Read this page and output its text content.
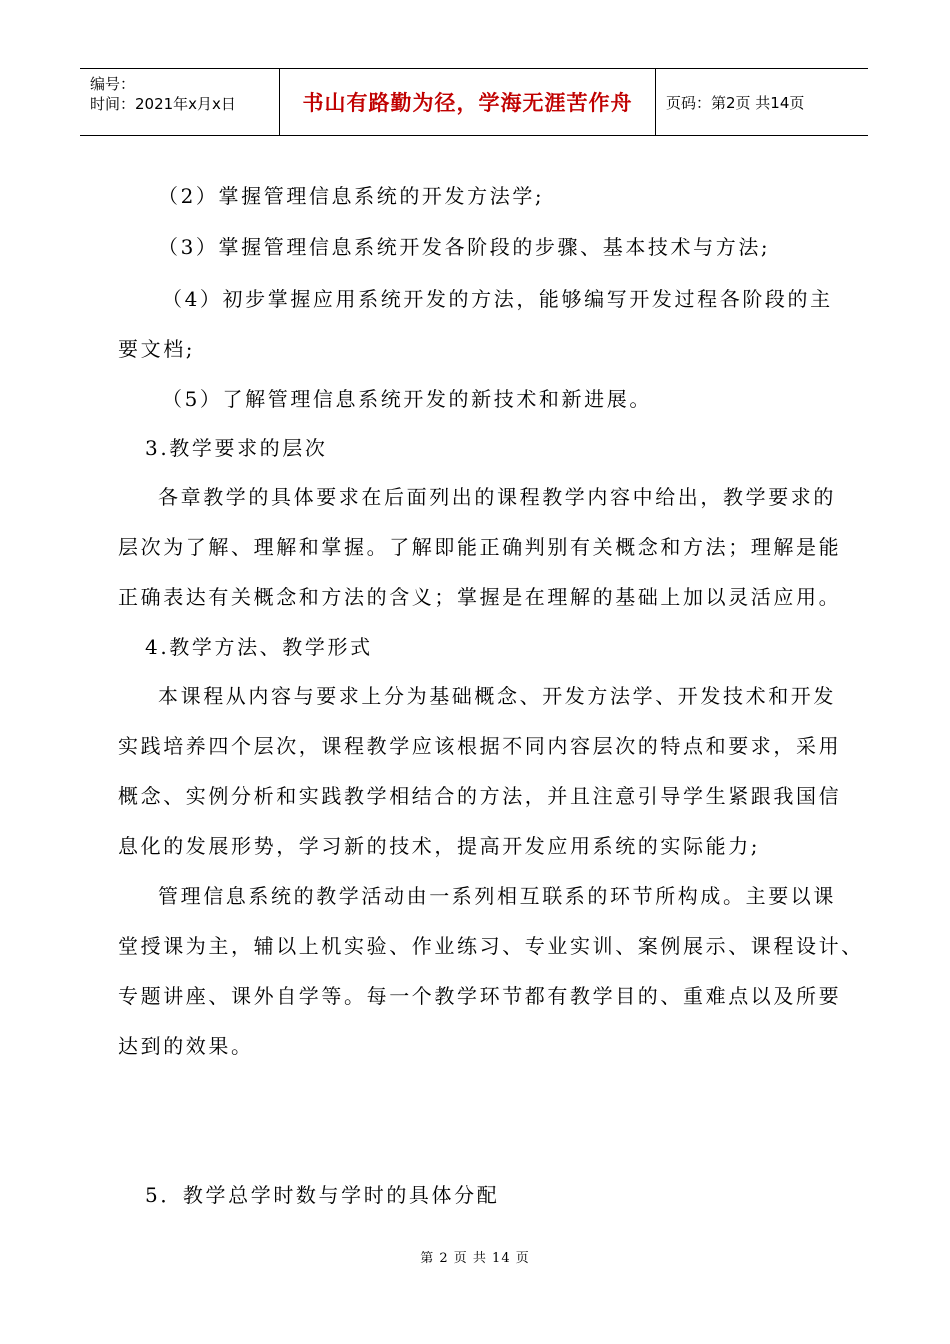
编号：
时间：2021年x月x日	书山有路勤为径，学海无涯苦作舟	页码：第2页 共14页
（2）掌握管理信息系统的开发方法学;
（3）掌握管理信息系统开发各阶段的步骤、基本技术与方法;
（4）初步掌握应用系统开发的方法，能够编写开发过程各阶段的主
要文档;
（5）了解管理信息系统开发的新技术和新进展。
3.教学要求的层次
各章教学的具体要求在后面列出的课程教学内容中给出，教学要求的
层次为了解、理解和掌握。了解即能正确判别有关概念和方法；理解是能
正确表达有关概念和方法的含义；掌握是在理解的基础上加以灵活应用。
4.教学方法、教学形式
本课程从内容与要求上分为基础概念、开发方法学、开发技术和开发
实践培养四个层次，课程教学应该根据不同内容层次的特点和要求，采用
概念、实例分析和实践教学相结合的方法，并且注意引导学生紧跟我国信
息化的发展形势，学习新的技术，提高开发应用系统的实际能力;
管理信息系统的教学活动由一系列相互联系的环节所构成。主要以课
堂授课为主，辅以上机实验、作业练习、专业实训、案例展示、课程设计、
专题讲座、课外自学等。每一个教学环节都有教学目的、重难点以及所要
达到的效果。
5．教学总学时数与学时的具体分配
第 2 页 共 14 页
